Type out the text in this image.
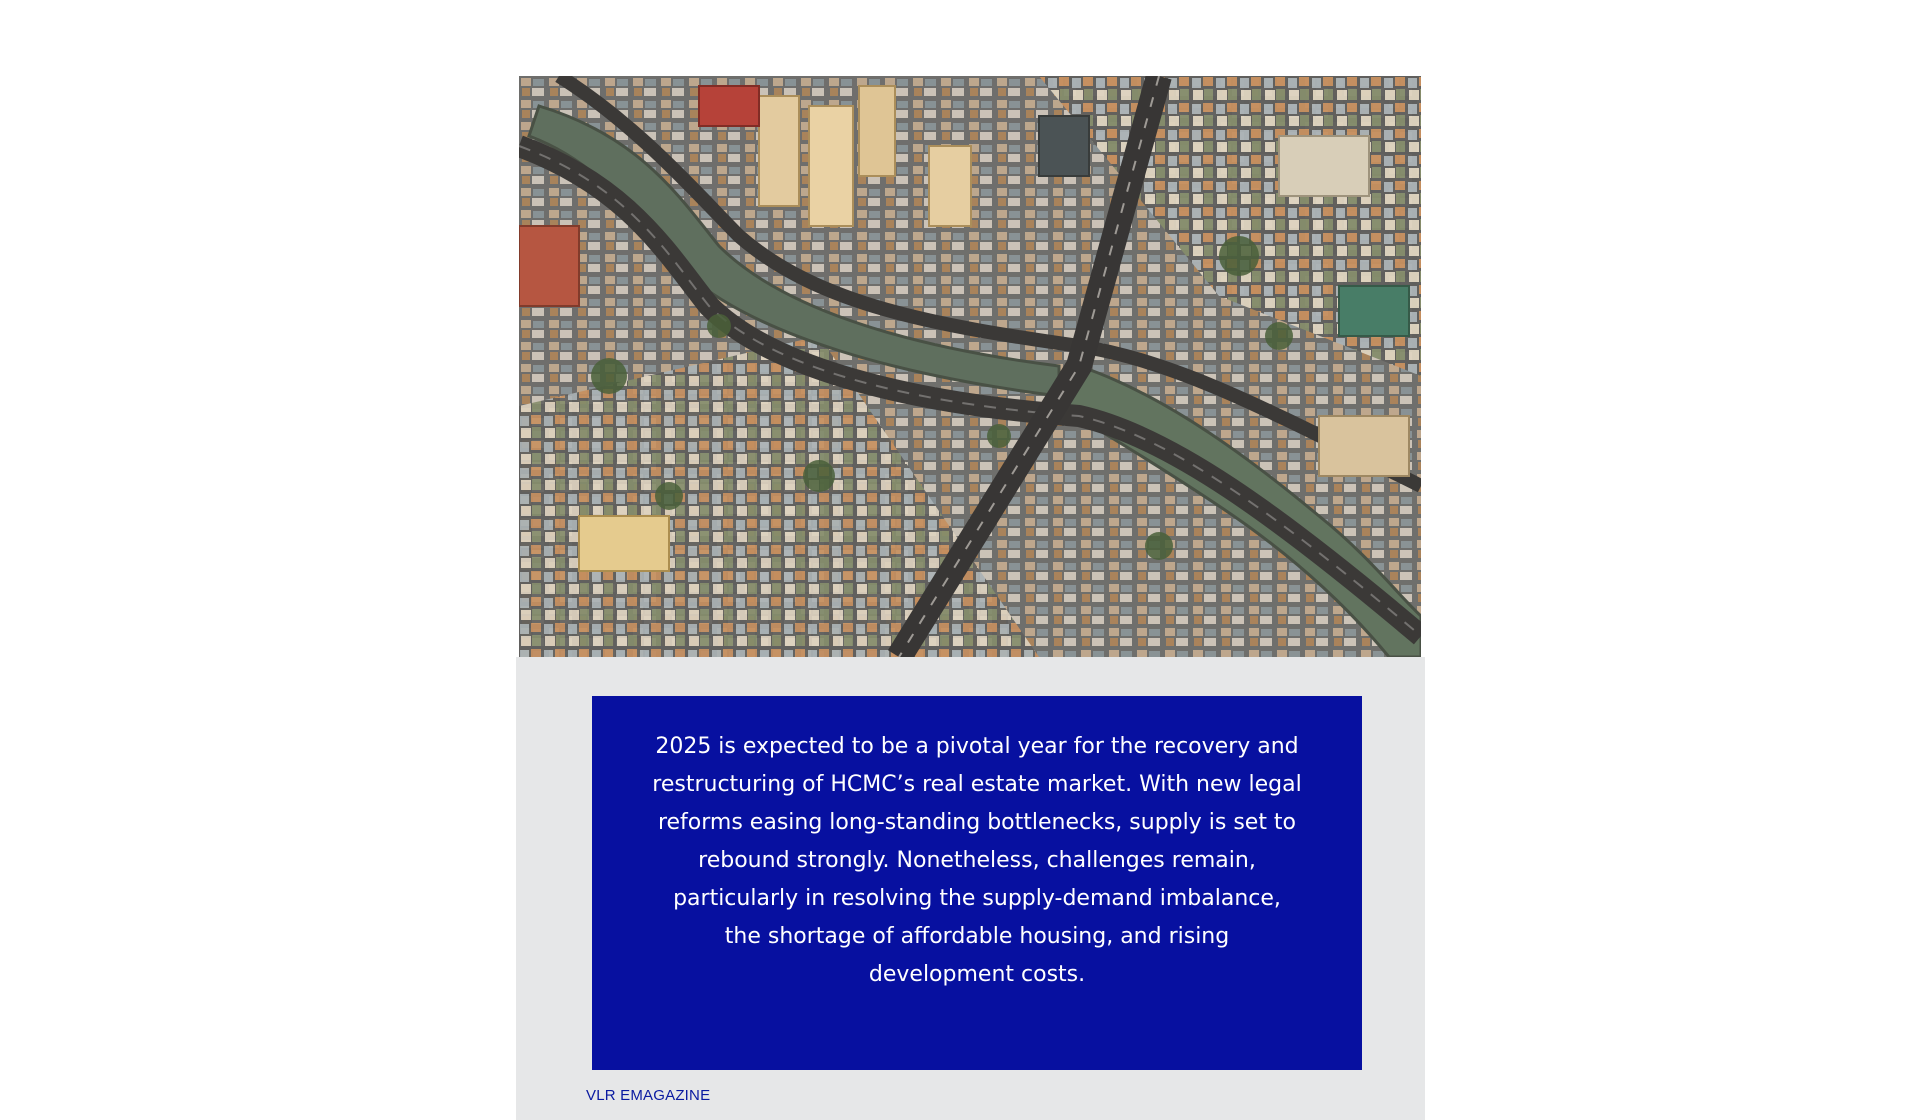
2025 is expected to be a pivotal year for the recovery and restructuring of HCMC’s real estate market. With new legal reforms easing long-standing bottlenecks, supply is set to rebound strongly. Nonetheless, challenges remain, particularly in resolving the supply-demand imbalance, the shortage of affordable housing, and rising development costs.

VLR EMAGAZINE
